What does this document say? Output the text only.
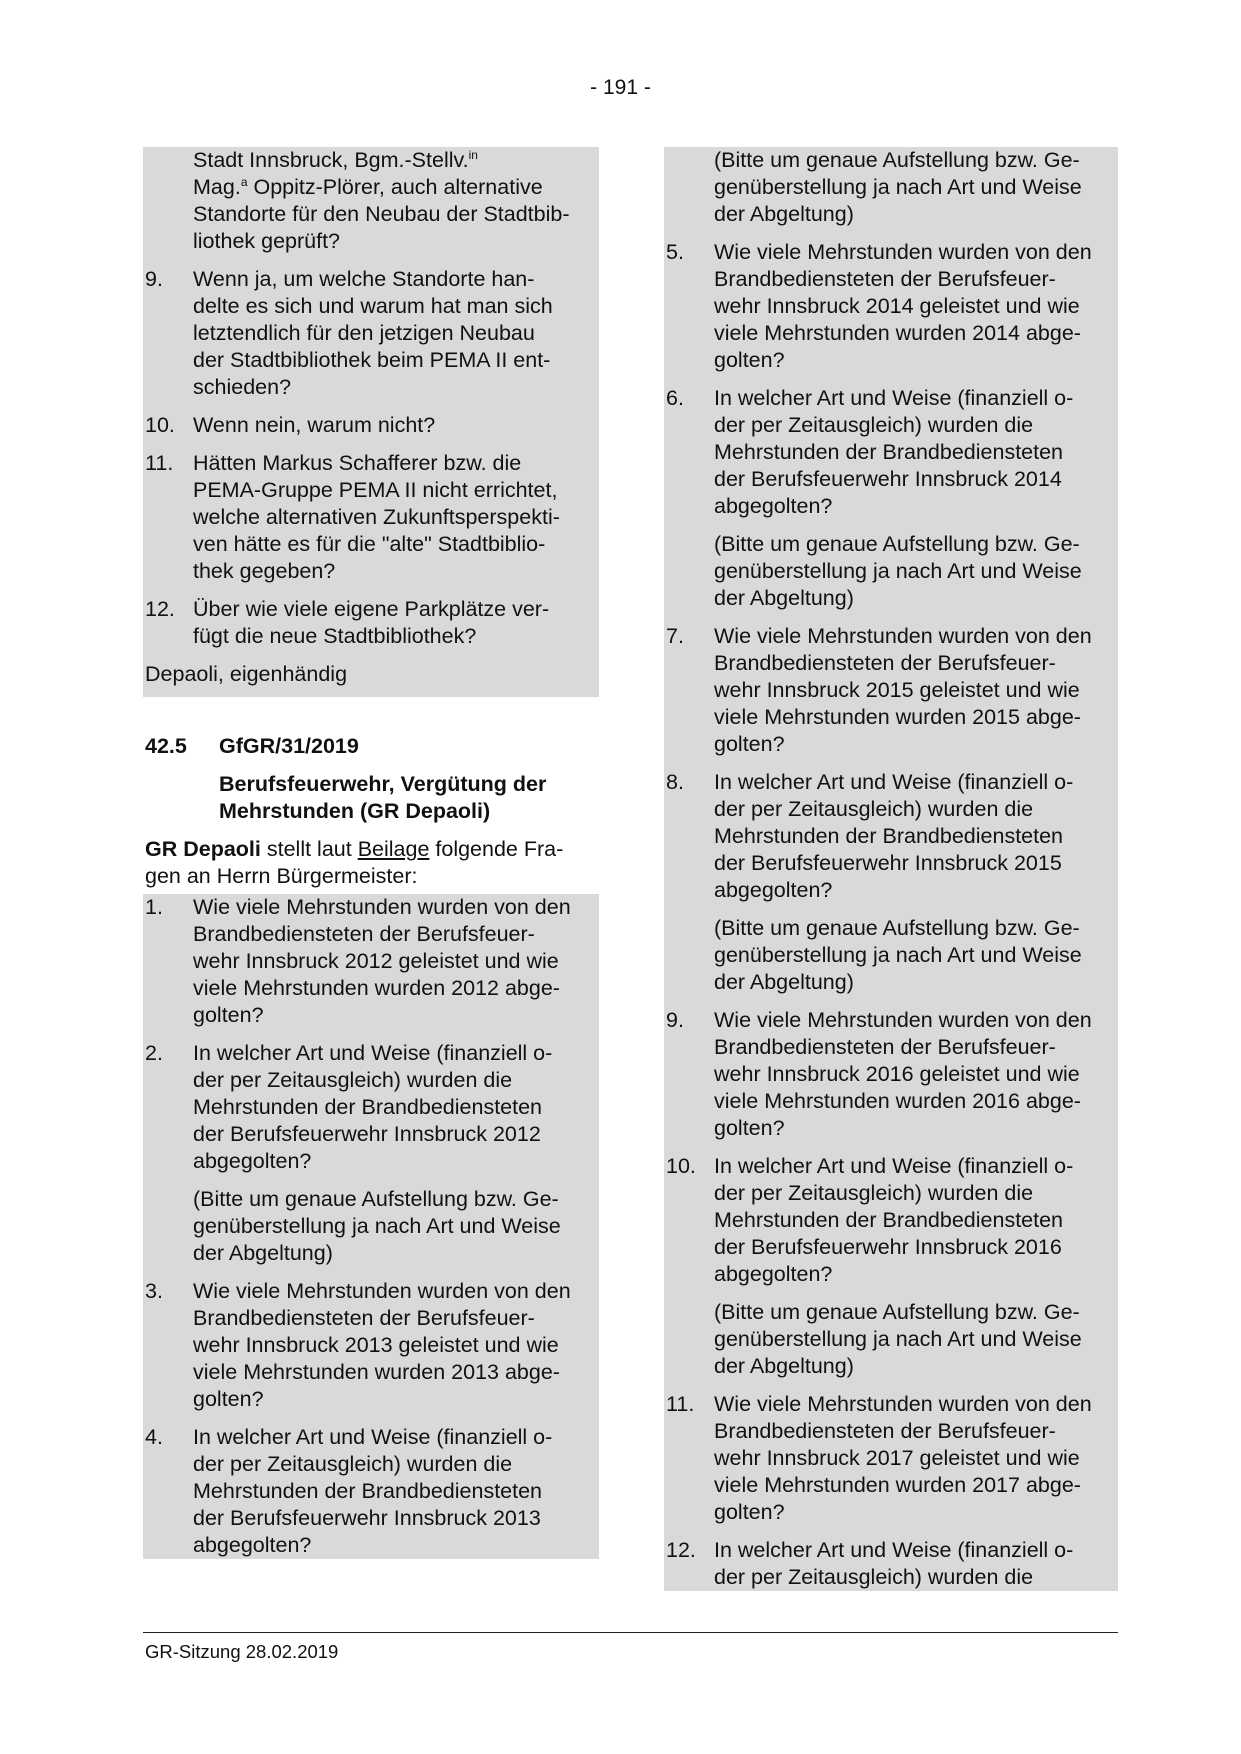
- 191 -
Stadt Innsbruck, Bgm.-Stellv.$^{in}$
Mag.$^a$ Oppitz-Plörer, auch alternative
Standorte für den Neubau der Stadtbib-
liothek geprüft?
9.	Wenn ja, um welche Standorte han-
delte es sich und warum hat man sich
letztendlich für den jetzigen Neubau
der Stadtbibliothek beim PEMA II ent-
schieden?
10. Wenn nein, warum nicht?
11. Hätten Markus Schafferer bzw. die
PEMA-Gruppe PEMA II nicht errichtet,
welche alternativen Zukunftsperspekti-
ven hätte es für die "alte" Stadtbiblio-
thek gegeben?
12. Über wie viele eigene Parkplätze ver-
fügt die neue Stadtbibliothek?
Depaoli, eigenhändig
42.5	GfGR/31/2019
Berufsfeuerwehr, Vergütung der
Mehrstunden (GR Depaoli)
GR Depaoli stellt laut Beilage folgende Fra-
gen an Herrn Bürgermeister:
1.	Wie viele Mehrstunden wurden von den
Brandbediensteten der Berufsfeuer-
wehr Innsbruck 2012 geleistet und wie
viele Mehrstunden wurden 2012 abge-
golten?
2.	In welcher Art und Weise (finanziell o-
der per Zeitausgleich) wurden die
Mehrstunden der Brandbediensteten
der Berufsfeuerwehr Innsbruck 2012
abgegolten?
(Bitte um genaue Aufstellung bzw. Ge-
genüberstellung ja nach Art und Weise
der Abgeltung)
3.	Wie viele Mehrstunden wurden von den
Brandbediensteten der Berufsfeuer-
wehr Innsbruck 2013 geleistet und wie
viele Mehrstunden wurden 2013 abge-
golten?
4.	In welcher Art und Weise (finanziell o-
der per Zeitausgleich) wurden die
Mehrstunden der Brandbediensteten
der Berufsfeuerwehr Innsbruck 2013
abgegolten?
(Bitte um genaue Aufstellung bzw. Ge-
genüberstellung ja nach Art und Weise
der Abgeltung)
5.	Wie viele Mehrstunden wurden von den
Brandbediensteten der Berufsfeuer-
wehr Innsbruck 2014 geleistet und wie
viele Mehrstunden wurden 2014 abge-
golten?
6.	In welcher Art und Weise (finanziell o-
der per Zeitausgleich) wurden die
Mehrstunden der Brandbediensteten
der Berufsfeuerwehr Innsbruck 2014
abgegolten?
(Bitte um genaue Aufstellung bzw. Ge-
genüberstellung ja nach Art und Weise
der Abgeltung)
7.	Wie viele Mehrstunden wurden von den
Brandbediensteten der Berufsfeuer-
wehr Innsbruck 2015 geleistet und wie
viele Mehrstunden wurden 2015 abge-
golten?
8.	In welcher Art und Weise (finanziell o-
der per Zeitausgleich) wurden die
Mehrstunden der Brandbediensteten
der Berufsfeuerwehr Innsbruck 2015
abgegolten?
(Bitte um genaue Aufstellung bzw. Ge-
genüberstellung ja nach Art und Weise
der Abgeltung)
9.	Wie viele Mehrstunden wurden von den
Brandbediensteten der Berufsfeuer-
wehr Innsbruck 2016 geleistet und wie
viele Mehrstunden wurden 2016 abge-
golten?
10. In welcher Art und Weise (finanziell o-
der per Zeitausgleich) wurden die
Mehrstunden der Brandbediensteten
der Berufsfeuerwehr Innsbruck 2016
abgegolten?
(Bitte um genaue Aufstellung bzw. Ge-
genüberstellung ja nach Art und Weise
der Abgeltung)
11. Wie viele Mehrstunden wurden von den
Brandbediensteten der Berufsfeuer-
wehr Innsbruck 2017 geleistet und wie
viele Mehrstunden wurden 2017 abge-
golten?
12. In welcher Art und Weise (finanziell o-
der per Zeitausgleich) wurden die
GR-Sitzung 28.02.2019
